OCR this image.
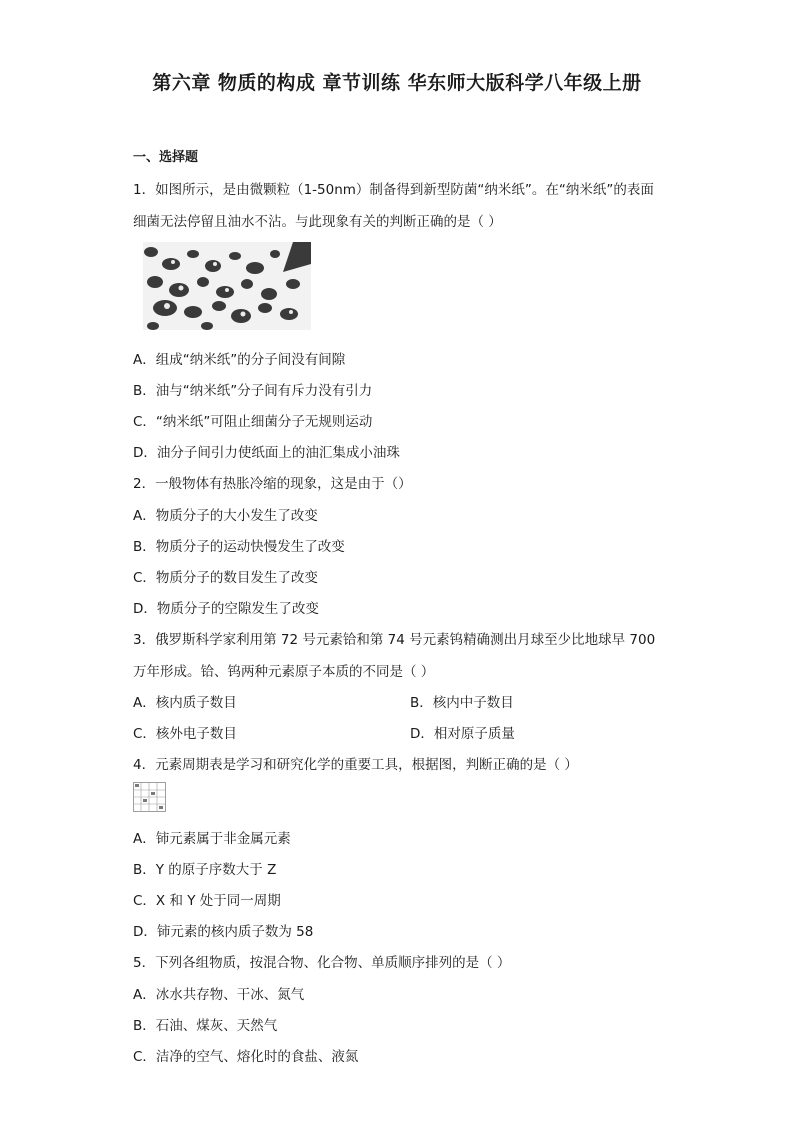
第六章 物质的构成 章节训练 华东师大版科学八年级上册
一、选择题
1．如图所示，是由微颗粒（1-50nm）制备得到新型防菌“纳米纸”。在“纳米纸”的表面
细菌无法停留且油水不沾。与此现象有关的判断正确的是（ ）
A．组成“纳米纸”的分子间没有间隙
B．油与“纳米纸”分子间有斥力没有引力
C．“纳米纸”可阻止细菌分子无规则运动
D．油分子间引力使纸面上的油汇集成小油珠
2．一般物体有热胀冷缩的现象，这是由于（）
A．物质分子的大小发生了改变
B．物质分子的运动快慢发生了改变
C．物质分子的数目发生了改变
D．物质分子的空隙发生了改变
3．俄罗斯科学家利用第 72 号元素铪和第 74 号元素钨精确测出月球至少比地球早 700
万年形成。铪、钨两种元素原子本质的不同是（ ）
A．核内质子数目	B．核内中子数目
C．核外电子数目	D．相对原子质量
4．元素周期表是学习和研究化学的重要工具，根据图，判断正确的是（ ）
A．铈元素属于非金属元素
B．Y 的原子序数大于 Z
C．X 和 Y 处于同一周期
D．铈元素的核内质子数为 58
5．下列各组物质，按混合物、化合物、单质顺序排列的是（ ）
A．冰水共存物、干冰、氮气
B．石油、煤灰、天然气
C．洁净的空气、熔化时的食盐、液氮
